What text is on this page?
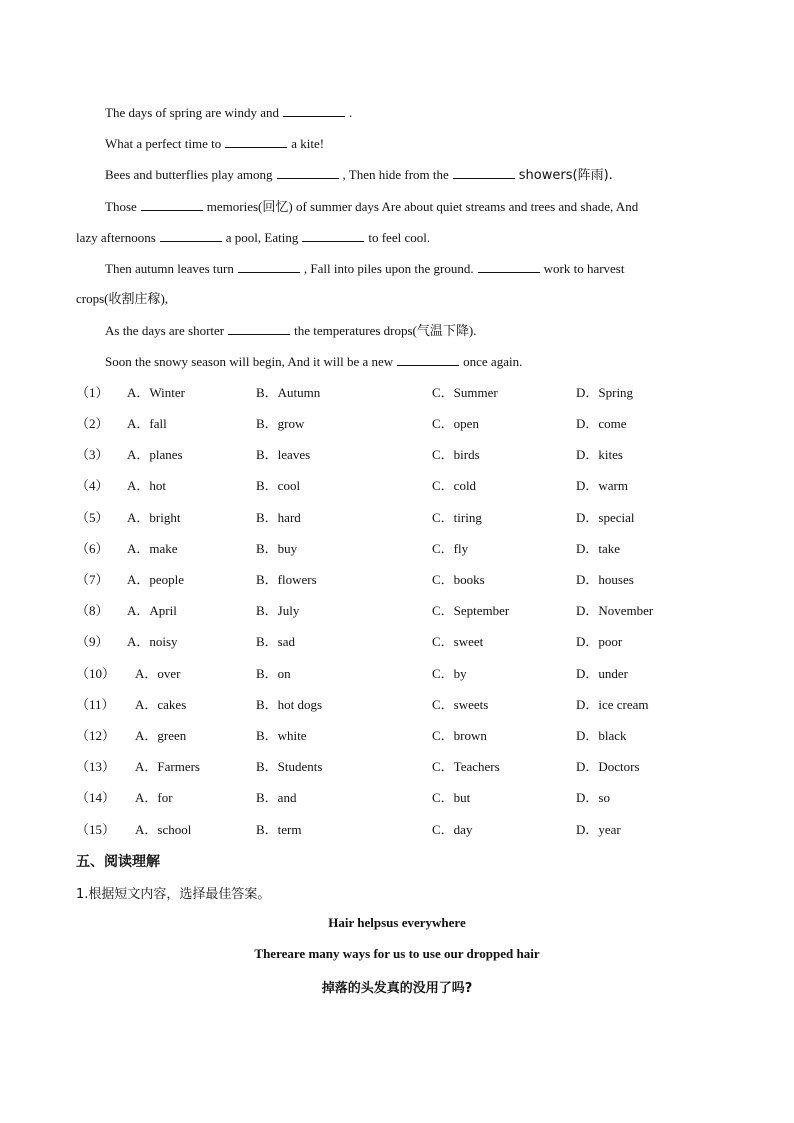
The days of spring are windy and	.
What a perfect time to	a kite!
Bees and butterflies play among	, Then hide from the	showers(阵雨).
Those	memories(回忆) of summer days Are about quiet streams and trees and shade, And
lazy afternoons	a pool, Eating	to feel cool.
Then autumn leaves turn	, Fall into piles upon the ground.	work to harvest
crops(收割庄稼),
As the days are shorter	the temperatures drops(气温下降).
Soon the snowy season will begin, And it will be a new	once again.
（1） A．Winter	B．Autumn	C．Summer	D．Spring
（2） A．fall	B．grow	C．open	D．come
（3） A．planes	B．leaves	C．birds	D．kites
（4） A．hot	B．cool	C．cold	D．warm
（5） A．bright	B．hard	C．tiring	D．special
（6） A．make	B．buy	C．fly	D．take
（7） A．people	B．flowers	C．books	D．houses
（8） A．April	B．July	C．September	D．November
（9） A．noisy	B．sad	C．sweet	D．poor
（10） A．over	B．on	C．by	D．under
（11） A．cakes	B．hot dogs	C．sweets	D．ice cream
（12） A．green	B．white	C．brown	D．black
（13） A．Farmers	B．Students	C．Teachers	D．Doctors
（14） A．for	B．and	C．but	D．so
（15） A．school	B．term	C．day	D．year
五、阅读理解
1.根据短文内容，选择最佳答案。
Hair helpsus everywhere
Thereare many ways for us to use our dropped hair
掉落的头发真的没用了吗?
